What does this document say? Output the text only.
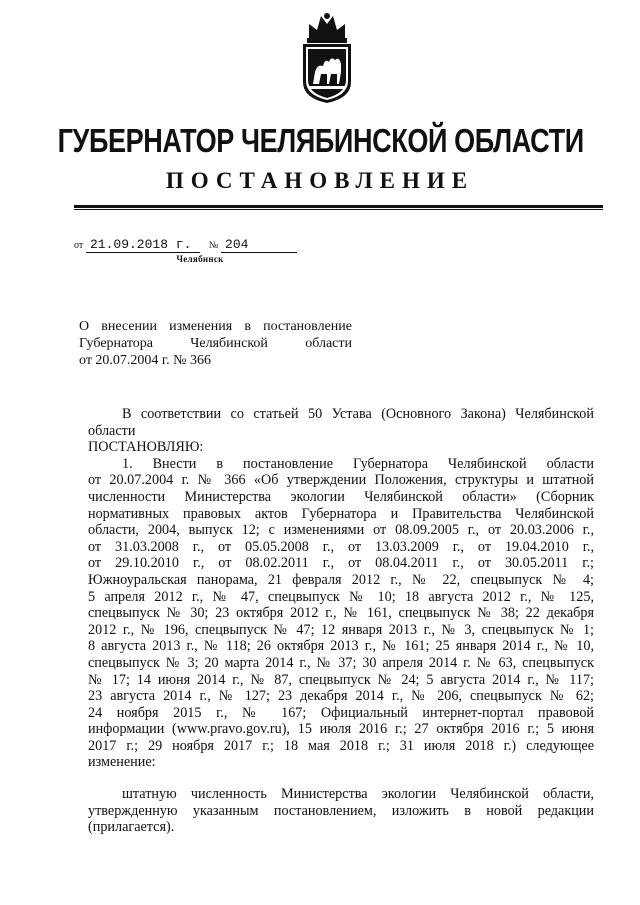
ГУБЕРНАТОР ЧЕЛЯБИНСКОЙ ОБЛАСТИ
ПОСТАНОВЛЕНИЕ
от 21.09.2018 г. № 204
Челябинск
О внесении изменения в постановление
Губернатора Челябинской области
от 20.07.2004 г. № 366
В соответствии со статьей 50 Устава (Основного Закона) Челябинской
области
ПОСТАНОВЛЯЮ:
1. Внести в постановление Губернатора Челябинской области
от 20.07.2004 г. № 366 «Об утверждении Положения, структуры и штатной
численности Министерства экологии Челябинской области» (Сборник
нормативных правовых актов Губернатора и Правительства Челябинской
области, 2004, выпуск 12; с изменениями от 08.09.2005 г., от 20.03.2006 г.,
от 31.03.2008 г., от 05.05.2008 г., от 13.03.2009 г., от 19.04.2010 г.,
от 29.10.2010 г., от 08.02.2011 г., от 08.04.2011 г., от 30.05.2011 г.;
Южноуральская панорама, 21 февраля 2012 г., № 22, спецвыпуск № 4;
5 апреля 2012 г., № 47, спецвыпуск № 10; 18 августа 2012 г., № 125,
спецвыпуск № 30; 23 октября 2012 г., № 161, спецвыпуск № 38; 22 декабря
2012 г., № 196, спецвыпуск № 47; 12 января 2013 г., № 3, спецвыпуск № 1;
8 августа 2013 г., № 118; 26 октября 2013 г., № 161; 25 января 2014 г., № 10,
спецвыпуск № 3; 20 марта 2014 г., № 37; 30 апреля 2014 г. № 63, спецвыпуск
№ 17; 14 июня 2014 г., № 87, спецвыпуск № 24; 5 августа 2014 г., № 117;
23 августа 2014 г., № 127; 23 декабря 2014 г., № 206, спецвыпуск № 62;
24 ноября 2015 г., № 167; Официальный интернет-портал правовой
информации (www.pravo.gov.ru), 15 июля 2016 г.; 27 октября 2016 г.; 5 июня
2017 г.; 29 ноября 2017 г.; 18 мая 2018 г.; 31 июля 2018 г.) следующее
изменение:
штатную численность Министерства экологии Челябинской области,
утвержденную указанным постановлением, изложить в новой редакции
(прилагается).
